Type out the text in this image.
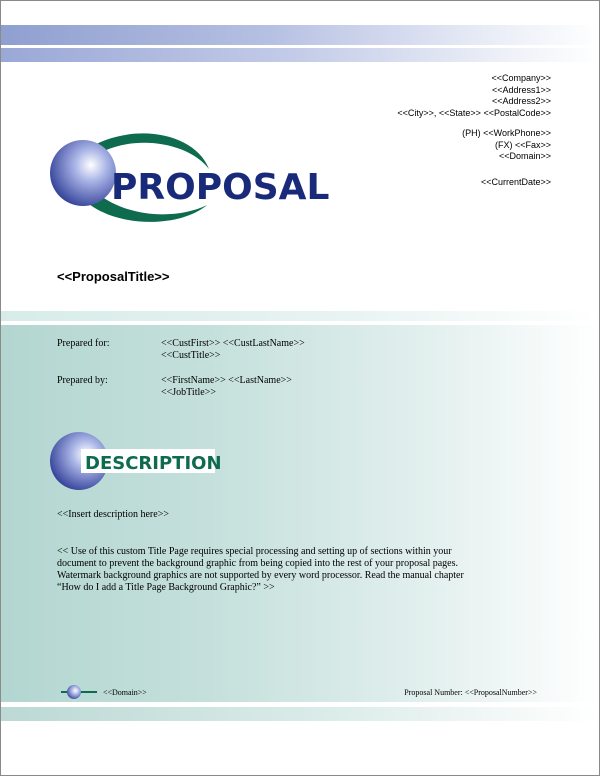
<<Company>>
<<Address1>>
<<Address2>>
<<City>>, <<State>> <<PostalCode>>
(PH) <<WorkPhone>>
(FX) <<Fax>>
<<Domain>>
<<CurrentDate>>
PROPOSAL
<<ProposalTitle>>
Prepared for:	<<CustFirst>> <<CustLastName>>
<<CustTitle>>
Prepared by:	<<FirstName>> <<LastName>>
<<JobTitle>>
DESCRIPTION
<<Insert description here>>
<< Use of this custom Title Page requires special processing and setting up of sections within your
document to prevent the background graphic from being copied into the rest of your proposal pages.
Watermark background graphics are not supported by every word processor. Read the manual chapter
“How do I add a Title Page Background Graphic?” >>
<<Domain>>	Proposal Number: <<ProposalNumber>>
